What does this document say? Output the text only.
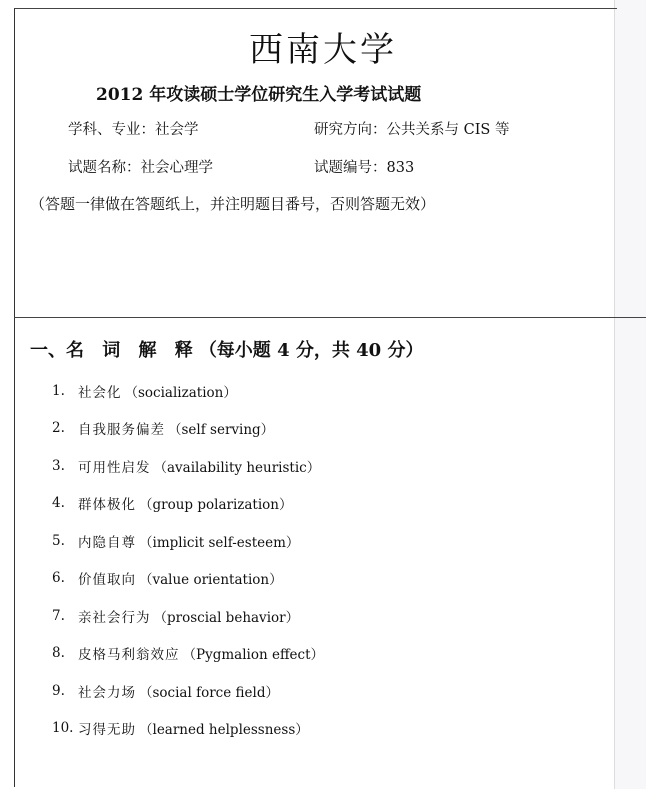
西南大学
2012 年攻读硕士学位研究生入学考试试题
学科、专业：社会学	研究方向：公共关系与 CIS 等
试题名称：社会心理学	试题编号：833
（答题一律做在答题纸上，并注明题目番号，否则答题无效）
一、名 词 解 释（每小题 4 分，共 40 分）
1. 社会化 （socialization）
2. 自我服务偏差 （self serving）
3. 可用性启发 （availability heuristic）
4. 群体极化 （group polarization）
5. 内隐自尊 （implicit self-esteem）
6. 价值取向 （value orientation）
7. 亲社会行为 （proscial behavior）
8. 皮格马利翁效应 （Pygmalion effect）
9. 社会力场 （social force field）
10. 习得无助 （learned helplessness）
